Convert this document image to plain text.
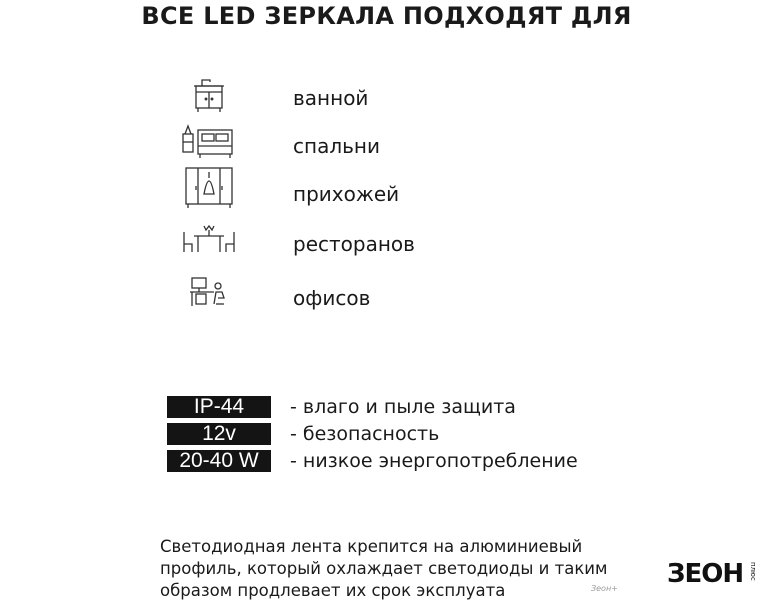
ВСЕ LED ЗЕРКАЛА ПОДХОДЯТ ДЛЯ
ванной
спальни
прихожей
ресторанов
офисов
IP-44	- влаго и пыле защита
12v	- безопасность
20-40 W	- низкое энергопотребление
Светодиодная лента крепится на алюминиевый
профиль, который охлаждает светодиоды и таким
образом продлевает их срок эксплуата	Зеон+ ЗЕОН плюс
